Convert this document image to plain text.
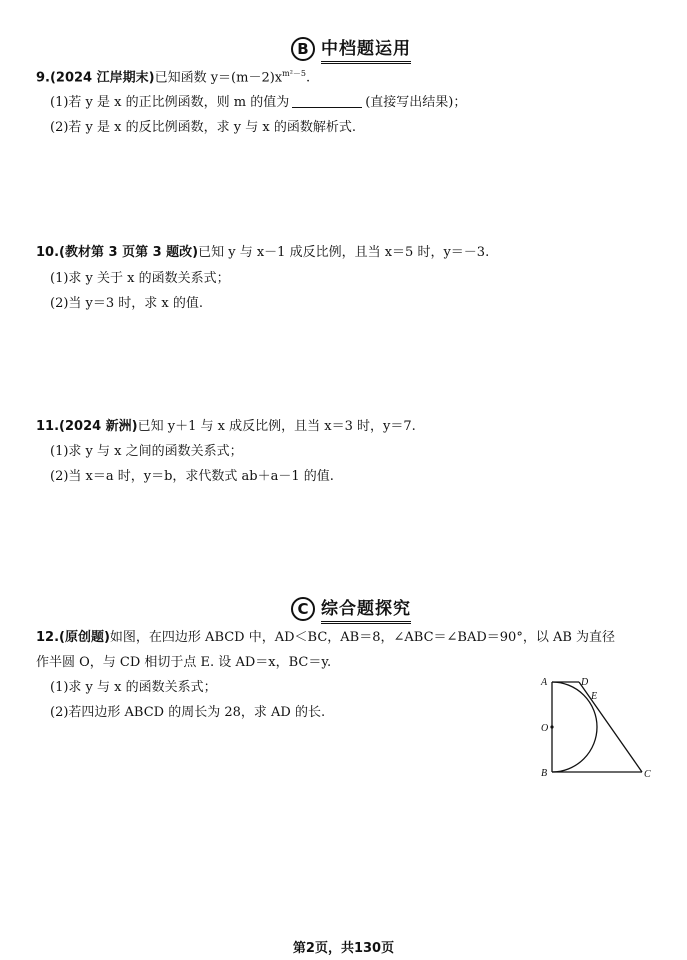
B 中档题运用
9.(2024 江岸期末)已知函数 $y=(m-2)x^{m^2-5}$.
(1)若 y 是 x 的正比例函数，则 m 的值为	(直接写出结果)；
(2)若 y 是 x 的反比例函数，求 y 与 x 的函数解析式.
10.(教材第 3 页第 3 题改)已知 y 与 x－1 成反比例，且当 x＝5 时，y＝－3.
(1)求 y 关于 x 的函数关系式；
(2)当 y＝3 时，求 x 的值.
11.(2024 新洲)已知 y＋1 与 x 成反比例，且当 x＝3 时，y＝7.
(1)求 y 与 x 之间的函数关系式；
(2)当 x＝a 时，y＝b，求代数式 ab＋a－1 的值.
C 综合题探究
12.(原创题)如图，在四边形 ABCD 中，AD＜BC，AB＝8，∠ABC＝∠BAD＝90°，以 AB 为直径
作半圆 O，与 CD 相切于点 E. 设 AD＝x，BC＝y.
(1)求 y 与 x 的函数关系式；
(2)若四边形 ABCD 的周长为 28，求 AD 的长.
A	D
E
O
B	C
第2页，共130页
